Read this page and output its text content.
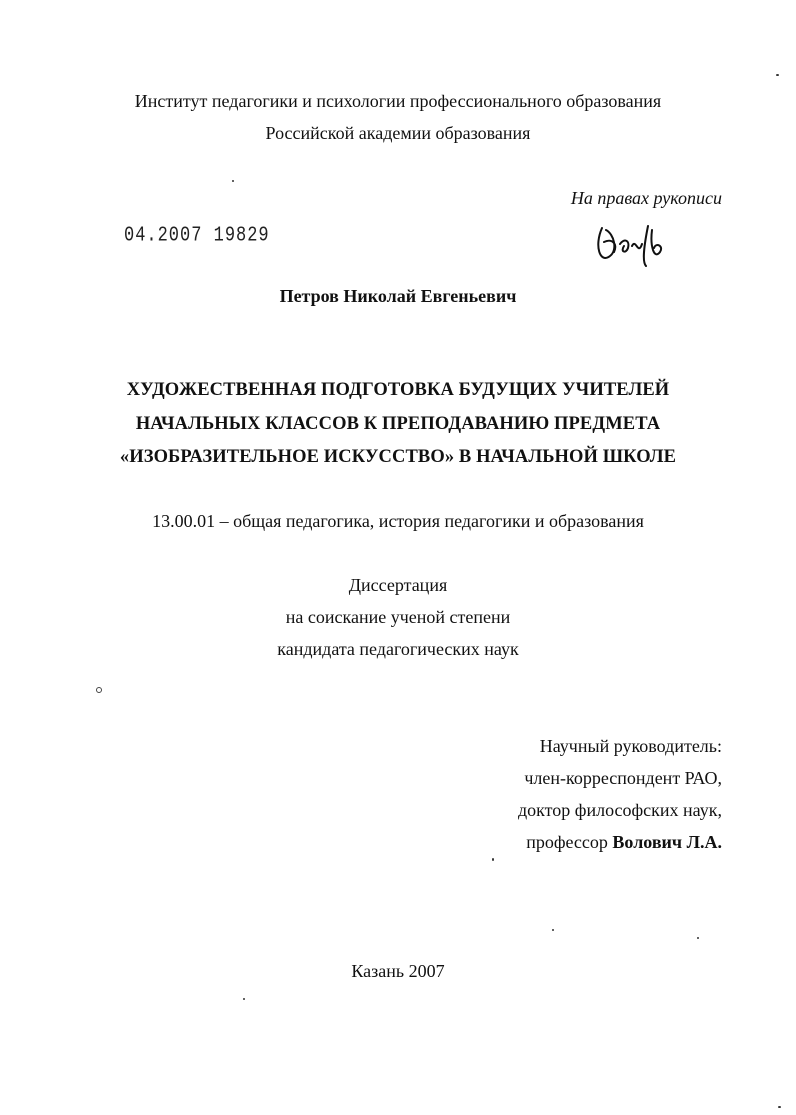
Институт педагогики и психологии профессионального образования
Российской академии образования
На правах рукописи
04.2007 19829
Петров Николай Евгеньевич
ХУДОЖЕСТВЕННАЯ ПОДГОТОВКА БУДУЩИХ УЧИТЕЛЕЙ
НАЧАЛЬНЫХ КЛАССОВ К ПРЕПОДАВАНИЮ ПРЕДМЕТА
«ИЗОБРАЗИТЕЛЬНОЕ ИСКУССТВО» В НАЧАЛЬНОЙ ШКОЛЕ
13.00.01 – общая педагогика, история педагогики и образования
Диссертация
на соискание ученой степени
кандидата педагогических наук
Научный руководитель:
член-корреспондент РАО,
доктор философских наук,
профессор Волович Л.А.
Казань 2007
